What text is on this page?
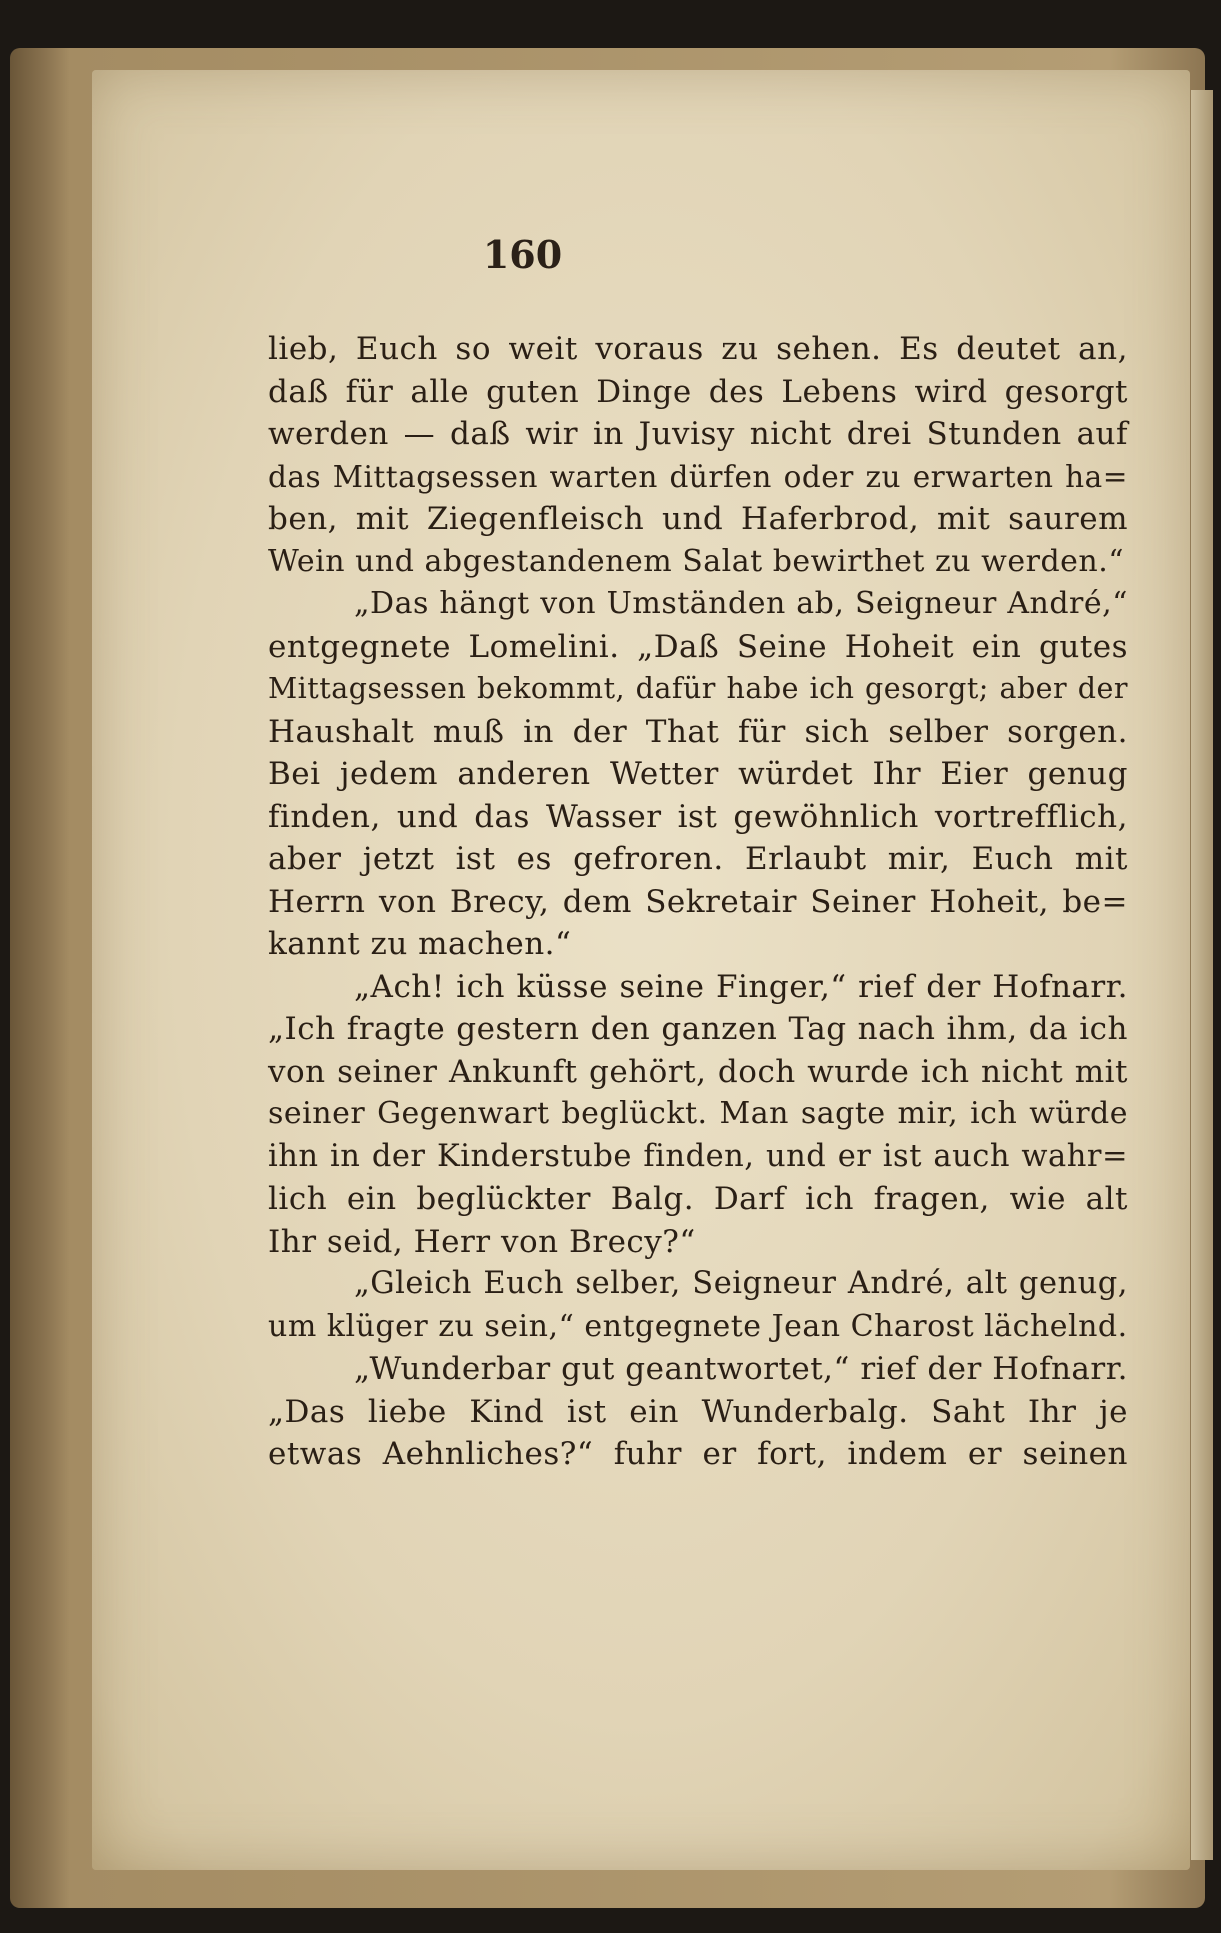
160
lieb, Euch so weit voraus zu sehen. Es deutet an,
daß für alle guten Dinge des Lebens wird gesorgt
werden — daß wir in Juvisy nicht drei Stunden auf
das Mittagsessen warten dürfen oder zu erwarten ha=
ben, mit Ziegenfleisch und Haferbrod, mit saurem
Wein und abgestandenem Salat bewirthet zu werden.“
„Das hängt von Umständen ab, Seigneur André,“
entgegnete Lomelini. „Daß Seine Hoheit ein gutes
Mittagsessen bekommt, dafür habe ich gesorgt; aber der
Haushalt muß in der That für sich selber sorgen.
Bei jedem anderen Wetter würdet Ihr Eier genug
finden, und das Wasser ist gewöhnlich vortrefflich,
aber jetzt ist es gefroren. Erlaubt mir, Euch mit
Herrn von Brecy, dem Sekretair Seiner Hoheit, be=
kannt zu machen.“
„Ach! ich küsse seine Finger,“ rief der Hofnarr.
„Ich fragte gestern den ganzen Tag nach ihm, da ich
von seiner Ankunft gehört, doch wurde ich nicht mit
seiner Gegenwart beglückt. Man sagte mir, ich würde
ihn in der Kinderstube finden, und er ist auch wahr=
lich ein beglückter Balg. Darf ich fragen, wie alt
Ihr seid, Herr von Brecy?“
„Gleich Euch selber, Seigneur André, alt genug,
um klüger zu sein,“ entgegnete Jean Charost lächelnd.
„Wunderbar gut geantwortet,“ rief der Hofnarr.
„Das liebe Kind ist ein Wunderbalg. Saht Ihr je
etwas Aehnliches?“ fuhr er fort, indem er seinen
